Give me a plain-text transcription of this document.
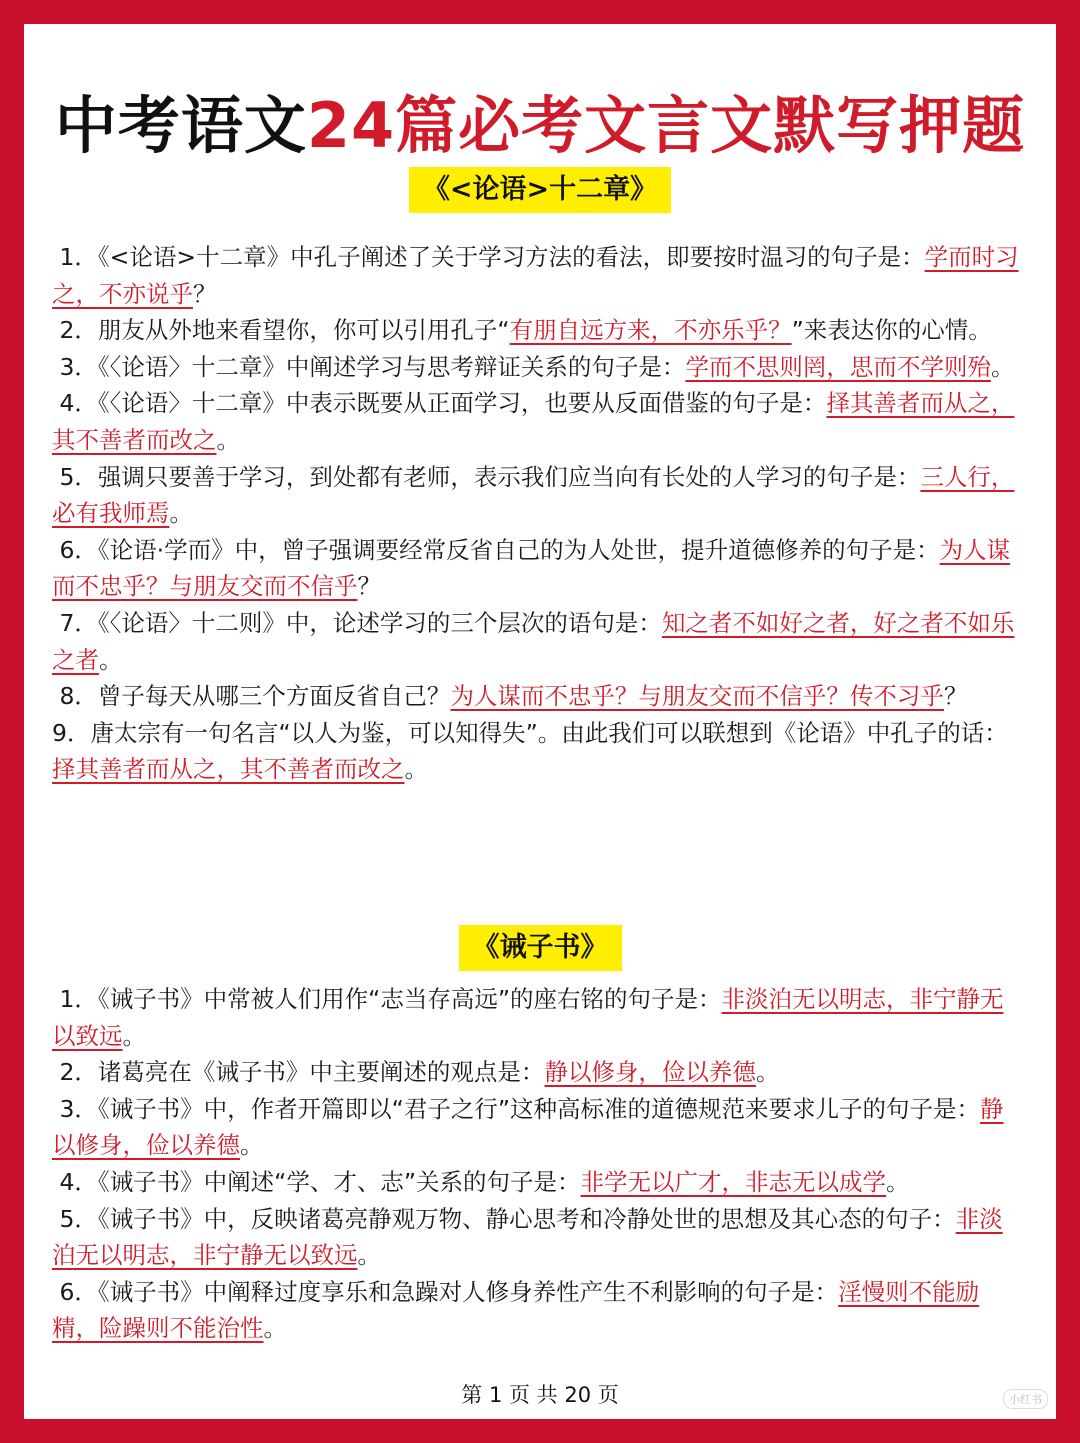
中考语文24篇必考文言文默写押题
《<论语>十二章》

1．《<论语>十二章》中孔子阐述了关于学习方法的看法，即要按时温习的句子是：学而时习之，不亦说乎？

2．朋友从外地来看望你，你可以引用孔子“有朋自远方来，不亦乐乎？”来表达你的心情。

3．《〈论语〉十二章》中阐述学习与思考辩证关系的句子是：学而不思则罔，思而不学则殆。

4．《〈论语〉十二章》中表示既要从正面学习，也要从反面借鉴的句子是：择其善者而从之，其不善者而改之。

5．强调只要善于学习，到处都有老师，表示我们应当向有长处的人学习的句子是：三人行，必有我师焉。

6．《论语·学而》中，曾子强调要经常反省自己的为人处世，提升道德修养的句子是：为人谋而不忠乎？与朋友交而不信乎？

7．《〈论语〉十二则》中，论述学习的三个层次的语句是：知之者不如好之者，好之者不如乐之者。

8．曾子每天从哪三个方面反省自己？为人谋而不忠乎？与朋友交而不信乎？传不习乎？

9．唐太宗有一句名言“以人为鉴，可以知得失”。由此我们可以联想到《论语》中孔子的话：择其善者而从之，其不善者而改之。

《诫子书》

1．《诫子书》中常被人们用作“志当存高远”的座右铭的句子是：非淡泊无以明志，非宁静无以致远。

2．诸葛亮在《诫子书》中主要阐述的观点是：静以修身，俭以养德。

3．《诫子书》中，作者开篇即以“君子之行”这种高标准的道德规范来要求儿子的句子是：静以修身，俭以养德。

4．《诫子书》中阐述“学、才、志”关系的句子是：非学无以广才，非志无以成学。

5．《诫子书》中，反映诸葛亮静观万物、静心思考和冷静处世的思想及其心态的句子：非淡泊无以明志，非宁静无以致远。

6．《诫子书》中阐释过度享乐和急躁对人修身养性产生不利影响的句子是：淫慢则不能励精，险躁则不能治性。

第 1 页 共 20 页	小红书
